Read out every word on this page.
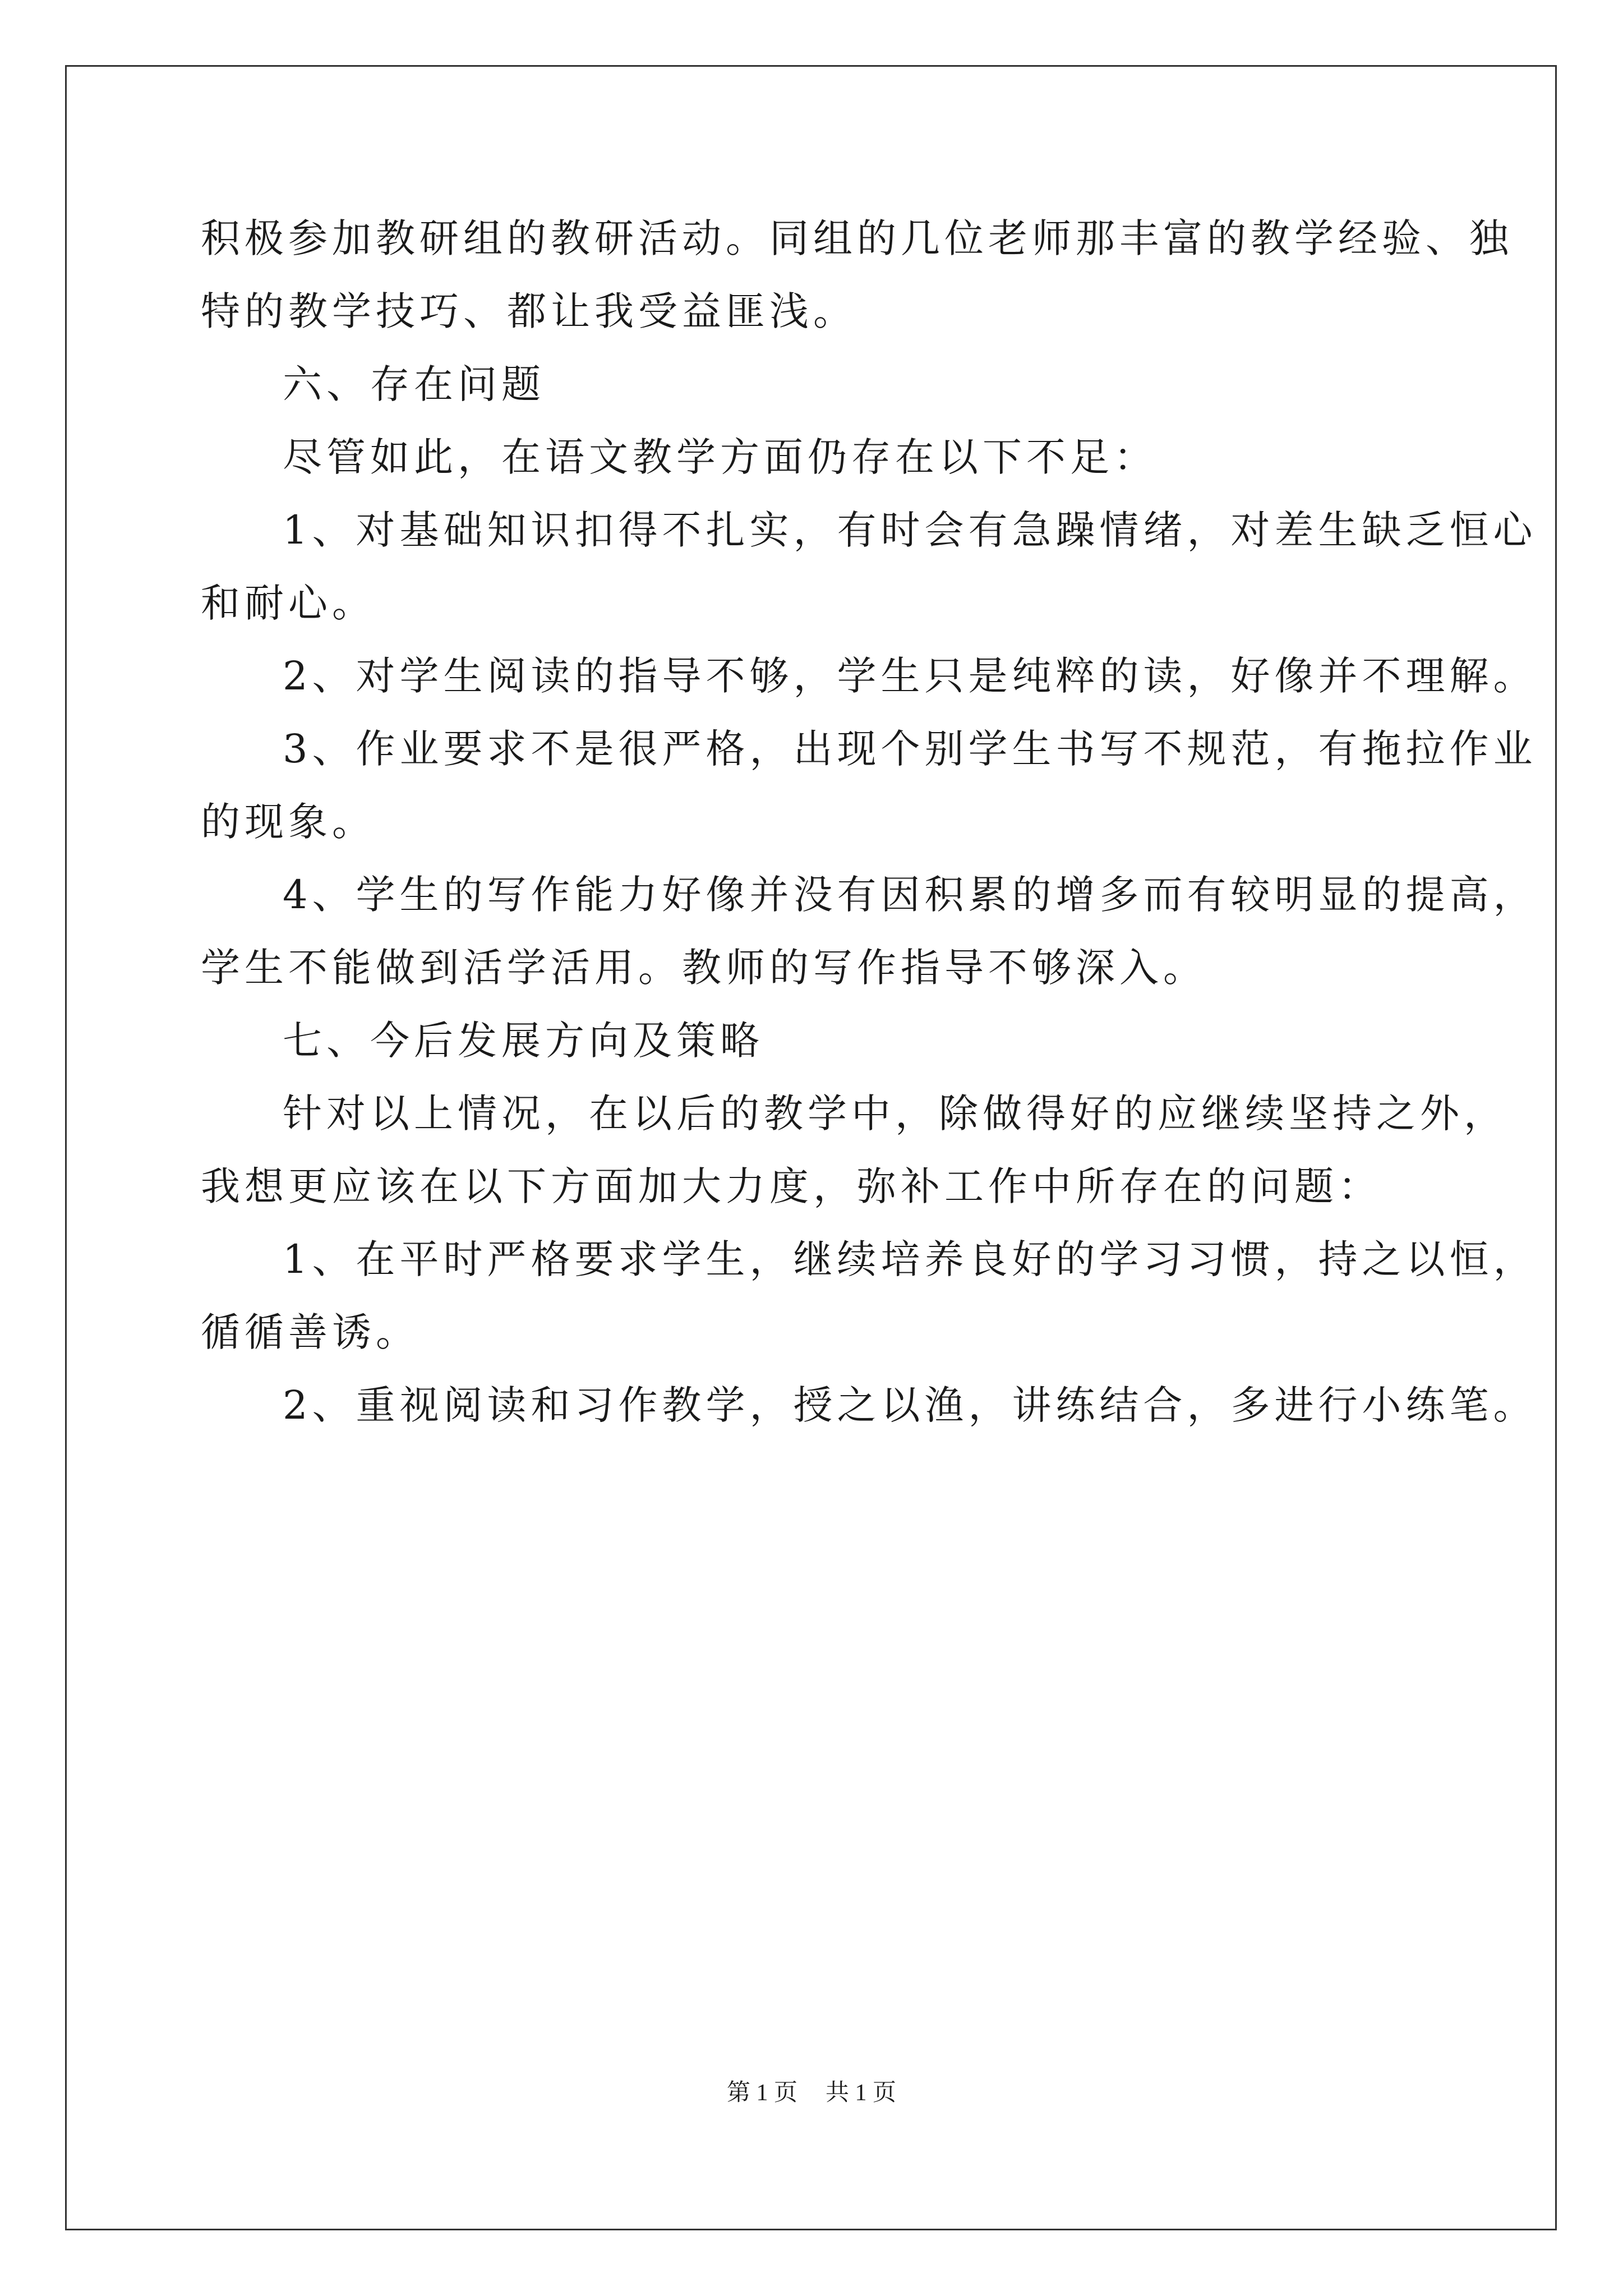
积极参加教研组的教研活动。同组的几位老师那丰富的教学经验、独
特的教学技巧、都让我受益匪浅。
六、存在问题
尽管如此，在语文教学方面仍存在以下不足：
1、对基础知识扣得不扎实，有时会有急躁情绪，对差生缺乏恒心
和耐心。
2、对学生阅读的指导不够，学生只是纯粹的读，好像并不理解。
3、作业要求不是很严格，出现个别学生书写不规范，有拖拉作业
的现象。
4、学生的写作能力好像并没有因积累的增多而有较明显的提高，
学生不能做到活学活用。教师的写作指导不够深入。
七、今后发展方向及策略
针对以上情况，在以后的教学中，除做得好的应继续坚持之外，
我想更应该在以下方面加大力度，弥补工作中所存在的问题：
1、在平时严格要求学生，继续培养良好的学习习惯，持之以恒，
循循善诱。
2、重视阅读和习作教学，授之以渔，讲练结合，多进行小练笔。
第 1 页 共 1 页
